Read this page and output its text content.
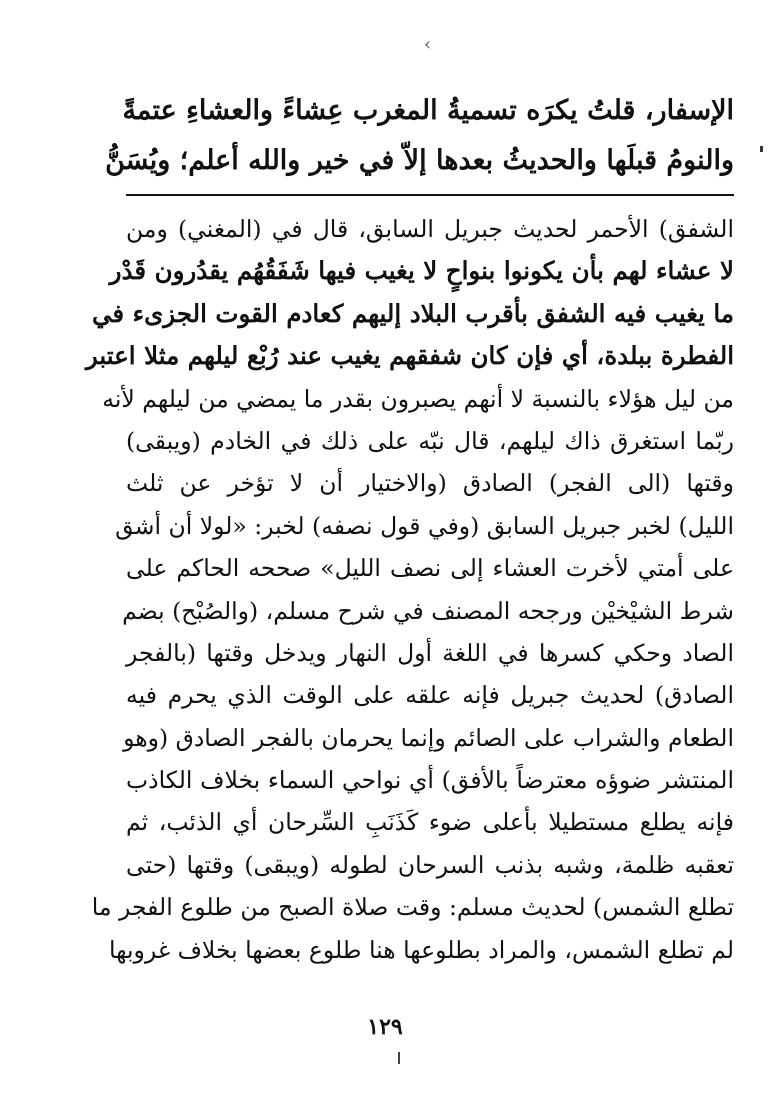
‹
الإسفار، قلتُ يكرَه تسميةُ المغرب عِشاءً والعشاءِ عتمةً
والنومُ قبلَها والحديثُ بعدها إلاّ في خير والله أعلم؛ ويُسَنُّ
الشفق) الأحمر لحديث جبريل السابق، قال في (المغني) ومن
لا عشاء لهم بأن يكونوا بنواحٍ لا يغيب فيها شَفَقُهُم يقدُرون قَدْر
ما يغيب فيه الشفق بأقرب البلاد إليهم كعادم القوت الجزىء في
الفطرة ببلدة، أي فإن كان شفقهم يغيب عند رُبْع ليلهم مثلا اعتبر
من ليل هؤلاء بالنسبة لا أنهم يصبرون بقدر ما يمضي من ليلهم لأنه
ربّما استغرق ذاك ليلهم، قال نبّه على ذلك في الخادم (ويبقى)
وقتها (الى الفجر) الصادق (والاختيار أن لا تؤخر عن ثلث
الليل) لخبر جبريل السابق (وفي قول نصفه) لخبر: «لولا أن أشق
على أمتي لأخرت العشاء إلى نصف الليل» صححه الحاكم على
شرط الشيْخيْن ورجحه المصنف في شرح مسلم، (والصُبْح) بضم
الصاد وحكي كسرها في اللغة أول النهار ويدخل وقتها (بالفجر
الصادق) لحديث جبريل فإنه علقه على الوقت الذي يحرم فيه
الطعام والشراب على الصائم وإنما يحرمان بالفجر الصادق (وهو
المنتشر ضوؤه معترضاً بالأفق) أي نواحي السماء بخلاف الكاذب
فإنه يطلع مستطيلا بأعلى ضوء كَذَنَبِ السِّرحان أي الذئب، ثم
تعقبه ظلمة، وشبه بذنب السرحان لطوله (ويبقى) وقتها (حتى
تطلع الشمس) لحديث مسلم: وقت صلاة الصبح من طلوع الفجر ما
لم تطلع الشمس، والمراد بطلوعها هنا طلوع بعضها بخلاف غروبها
١٢٩
